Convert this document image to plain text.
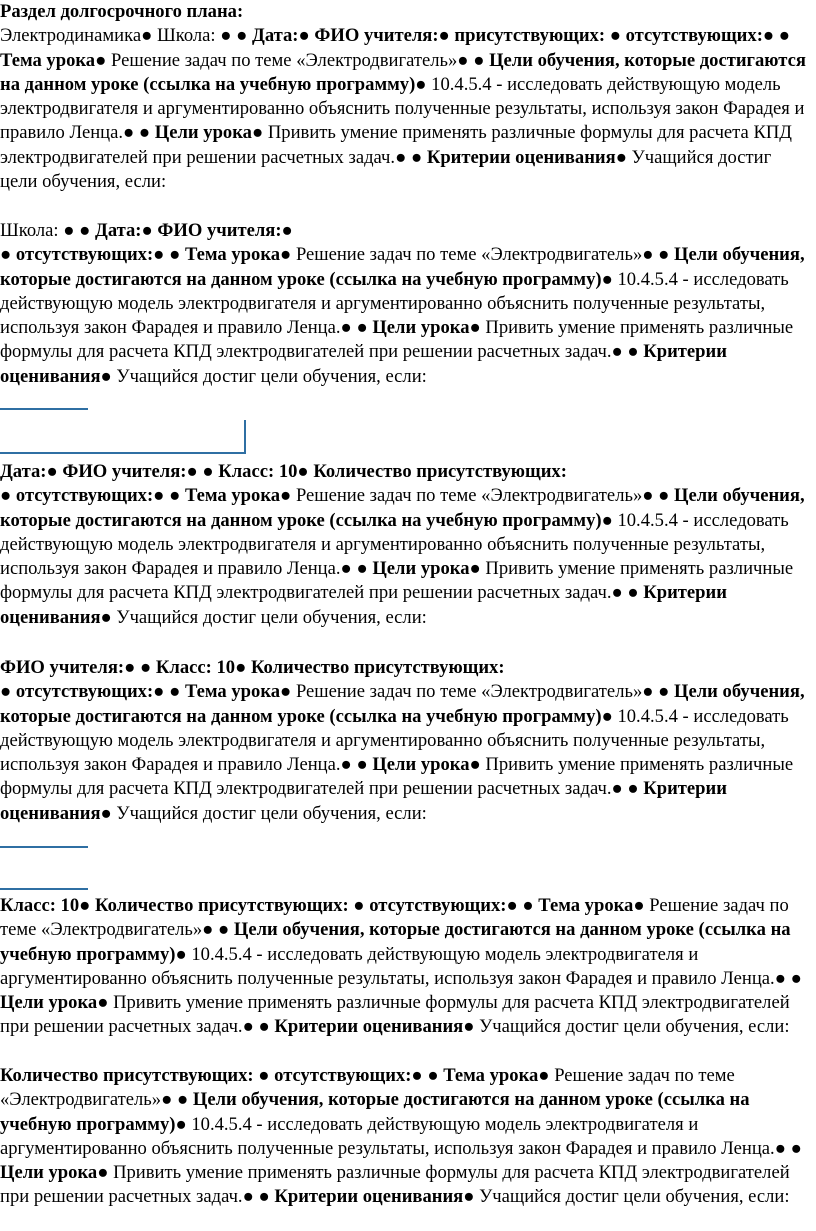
Раздел долгосрочного плана:

Электродинамика● Школа: ● ● Дата:● ФИО учителя:● присутствующих: ● отсутствующих:● ● Тема урока● Решение задач по теме «Электродвигатель»● ● Цели обучения, которые достигаются на данном уроке (ссылка на учебную программу)● 10.4.5.4 - исследовать действующую модель электродвигателя и аргументированно объяснить полученные результаты, используя закон Фарадея и правило Ленца.● ● Цели урока● Привить умение применять различные формулы для расчета КПД электродвигателей при решении расчетных задач.● ● Критерии оценивания● Учащийся достиг цели обучения, если:

Школа: ● ● Дата:● ФИО учителя:●
● отсутствующих:● ● Тема урока● Решение задач по теме «Электродвигатель»● ● Цели обучения, которые достигаются на данном уроке (ссылка на учебную программу)● 10.4.5.4 - исследовать действующую модель электродвигателя и аргументированно объяснить полученные результаты, используя закон Фарадея и правило Ленца.● ● Цели урока● Привить умение применять различные формулы для расчета КПД электродвигателей при решении расчетных задач.● ● Критерии оценивания● Учащийся достиг цели обучения, если:

Дата:● ФИО учителя:● ● Класс: 10● Количество присутствующих:
● отсутствующих:● ● Тема урока● Решение задач по теме «Электродвигатель»● ● Цели обучения, которые достигаются на данном уроке (ссылка на учебную программу)● 10.4.5.4 - исследовать действующую модель электродвигателя и аргументированно объяснить полученные результаты, используя закон Фарадея и правило Ленца.● ● Цели урока● Привить умение применять различные формулы для расчета КПД электродвигателей при решении расчетных задач.● ● Критерии оценивания● Учащийся достиг цели обучения, если:

ФИО учителя:● ● Класс: 10● Количество присутствующих:
● отсутствующих:● ● Тема урока● Решение задач по теме «Электродвигатель»● ● Цели обучения, которые достигаются на данном уроке (ссылка на учебную программу)● 10.4.5.4 - исследовать действующую модель электродвигателя и аргументированно объяснить полученные результаты, используя закон Фарадея и правило Ленца.● ● Цели урока● Привить умение применять различные формулы для расчета КПД электродвигателей при решении расчетных задач.● ● Критерии оценивания● Учащийся достиг цели обучения, если:

Класс: 10● Количество присутствующих: ● отсутствующих:● ● Тема урока● Решение задач по теме «Электродвигатель»● ● Цели обучения, которые достигаются на данном уроке (ссылка на учебную программу)● 10.4.5.4 - исследовать действующую модель электродвигателя и аргументированно объяснить полученные результаты, используя закон Фарадея и правило Ленца.● ● Цели урока● Привить умение применять различные формулы для расчета КПД электродвигателей при решении расчетных задач.● ● Критерии оценивания● Учащийся достиг цели обучения, если:

Количество присутствующих: ● отсутствующих:● ● Тема урока● Решение задач по теме «Электродвигатель»● ● Цели обучения, которые достигаются на данном уроке (ссылка на учебную программу)● 10.4.5.4 - исследовать действующую модель электродвигателя и аргументированно объяснить полученные результаты, используя закон Фарадея и правило Ленца.● ● Цели урока● Привить умение применять различные формулы для расчета КПД электродвигателей при решении расчетных задач.● ● Критерии оценивания● Учащийся достиг цели обучения, если:
